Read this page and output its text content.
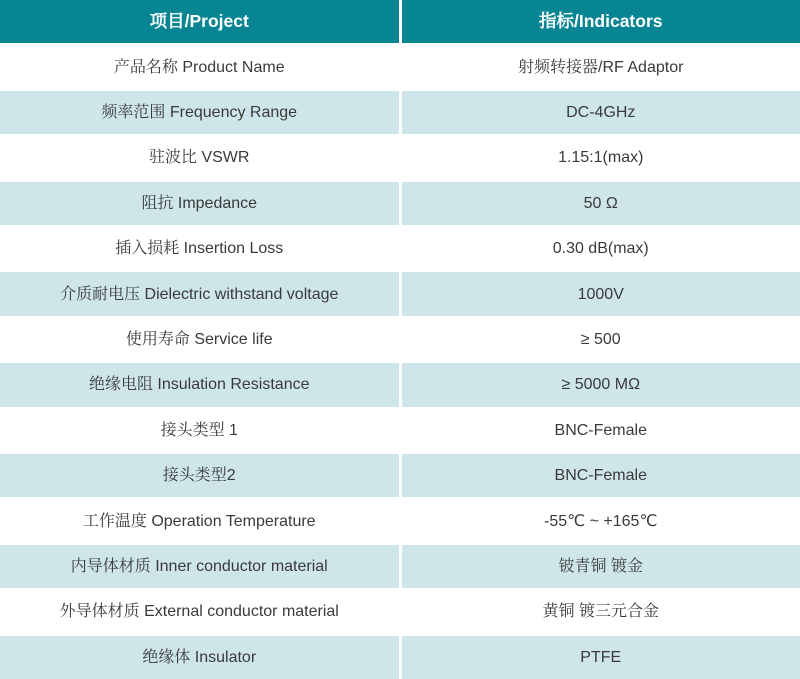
项目/Project	指标/Indicators
产品名称 Product Name	射频转接器/RF Adaptor
频率范围 Frequency Range	DC-4GHz
驻波比 VSWR	1.15:1(max)
阻抗 Impedance	50 Ω
插入损耗 Insertion Loss	0.30 dB(max)
介质耐电压 Dielectric withstand voltage	1000V
使用寿命 Service life	≥ 500
绝缘电阻 Insulation Resistance	≥ 5000 MΩ
接头类型 1	BNC-Female
接头类型2	BNC-Female
工作温度 Operation Temperature	-55℃ ~ +165℃
内导体材质 Inner conductor material	铍青铜 镀金
外导体材质 External conductor material	黄铜 镀三元合金
绝缘体 Insulator	PTFE
